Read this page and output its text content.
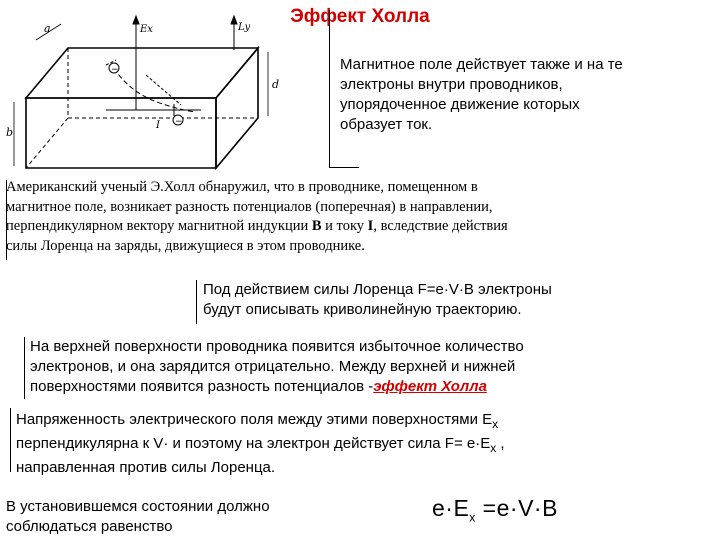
Эффект Холла
−
−
b
a
d
Ex	Ly
I
Магнитное поле действует также и на те
электроны внутри проводников,
упорядоченное движение которых
образует ток.
Американский ученый Э.Холл обнаружил, что в проводнике, помещенном в
магнитное поле, возникает разность потенциалов (поперечная) в направлении,
перпендикулярном вектору магнитной индукции B и току I, вследствие действия
силы Лоренца на заряды, движущиеся в этом проводнике.
Под действием силы Лоренца F=e·V·B электроны
будут описывать криволинейную траекторию.
На верхней поверхности проводника появится избыточное количество
электронов, и она зарядится отрицательно. Между верхней и нижней
поверхностями появится разность потенциалов -эффект Холла
Напряженность электрического поля между этими поверхностями $E_x$
перпендикулярна к V· и поэтому на электрон действует сила $F= e\cdot E_x$ ,
направленная против силы Лоренца.
В установившемся состоянии должно
соблюдаться равенство
$e\cdot E_x =e\cdot V\cdot B$
